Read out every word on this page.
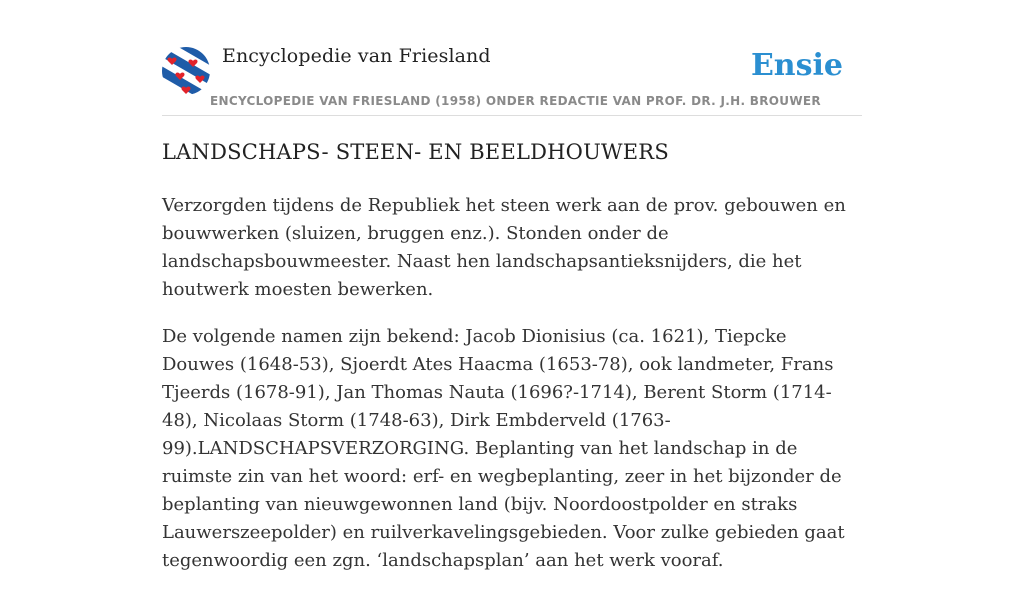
Encyclopedie van Friesland	Ensie
ENCYCLOPEDIE VAN FRIESLAND (1958) ONDER REDACTIE VAN PROF. DR. J.H. BROUWER
LANDSCHAPS- STEEN- EN BEELDHOUWERS

Verzorgden tijdens de Republiek het steen werk aan de prov. gebouwen en bouwwerken (sluizen, bruggen enz.). Stonden onder de landschapsbouwmeester. Naast hen landschapsantieksnijders, die het houtwerk moesten bewerken.

De volgende namen zijn bekend: Jacob Dionisius (ca. 1621), Tiepcke Douwes (1648-53), Sjoerdt Ates Haacma (1653-78), ook landmeter, Frans Tjeerds (1678-91), Jan Thomas Nauta (1696?-1714), Berent Storm (1714-48), Nicolaas Storm (1748-63), Dirk Embderveld (1763-99).LANDSCHAPSVERZORGING. Beplanting van het landschap in de ruimste zin van het woord: erf- en wegbeplanting, zeer in het bijzonder de beplanting van nieuwgewonnen land (bijv. Noordoostpolder en straks Lauwerszeepolder) en ruilverkavelingsgebieden. Voor zulke gebieden gaat tegenwoordig een zgn. ‘landschapsplan’ aan het werk vooraf.
